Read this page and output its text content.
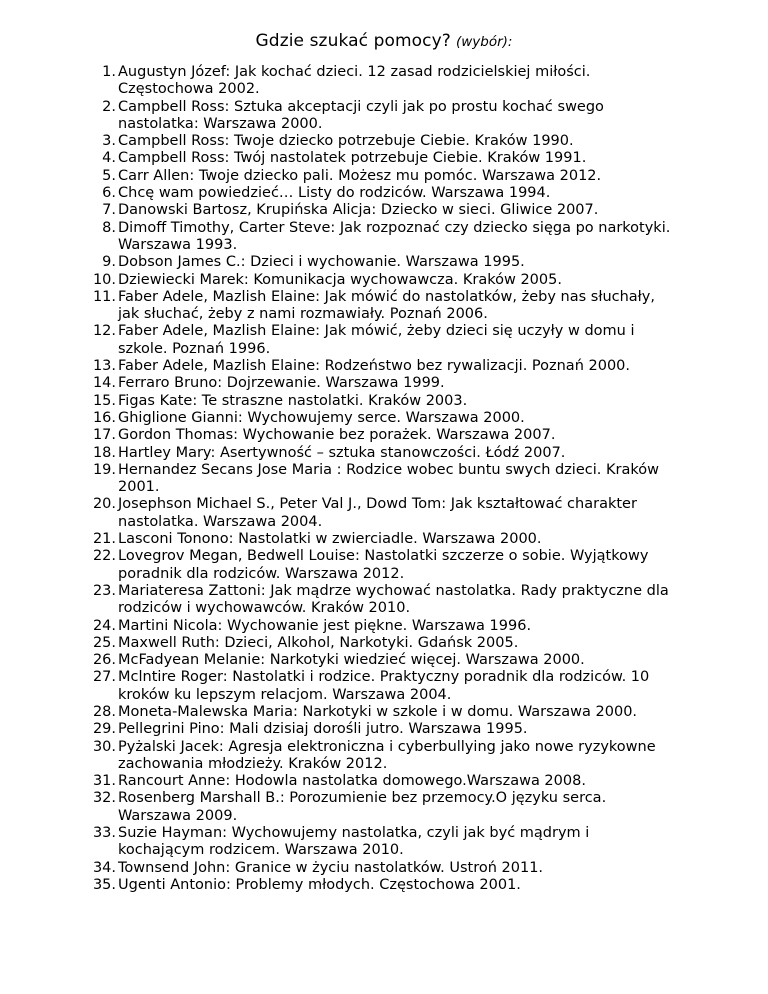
Gdzie szukać pomocy? (wybór):
1. Augustyn Józef: Jak kochać dzieci. 12 zasad rodzicielskiej miłości. Częstochowa 2002.
2. Campbell Ross: Sztuka akceptacji czyli jak po prostu kochać swego nastolatka: Warszawa 2000.
3. Campbell Ross: Twoje dziecko potrzebuje Ciebie. Kraków 1990.
4. Campbell Ross: Twój nastolatek potrzebuje Ciebie. Kraków 1991.
5. Carr Allen: Twoje dziecko pali. Możesz mu pomóc. Warszawa 2012.
6. Chcę wam powiedzieć… Listy do rodziców. Warszawa 1994.
7. Danowski Bartosz, Krupińska Alicja: Dziecko w sieci. Gliwice 2007.
8. Dimoff Timothy, Carter Steve: Jak rozpoznać czy dziecko sięga po narkotyki. Warszawa 1993.
9. Dobson James C.: Dzieci i wychowanie. Warszawa 1995.
10. Dziewiecki Marek: Komunikacja wychowawcza. Kraków 2005.
11. Faber Adele, Mazlish Elaine: Jak mówić do nastolatków, żeby nas słuchały, jak słuchać, żeby z nami rozmawiały. Poznań 2006.
12. Faber Adele, Mazlish Elaine: Jak mówić, żeby dzieci się uczyły w domu i szkole. Poznań 1996.
13. Faber Adele, Mazlish Elaine: Rodzeństwo bez rywalizacji. Poznań 2000.
14. Ferraro Bruno: Dojrzewanie. Warszawa 1999.
15. Figas Kate: Te straszne nastolatki. Kraków 2003.
16. Ghiglione Gianni: Wychowujemy serce. Warszawa 2000.
17. Gordon Thomas: Wychowanie bez porażek. Warszawa 2007.
18. Hartley Mary: Asertywność – sztuka stanowczości. Łódź 2007.
19. Hernandez Secans Jose Maria : Rodzice wobec buntu swych dzieci. Kraków 2001.
20. Josephson Michael S., Peter Val J., Dowd Tom: Jak kształtować charakter nastolatka. Warszawa 2004.
21. Lasconi Tonono: Nastolatki w zwierciadle. Warszawa 2000.
22. Lovegrov Megan, Bedwell Louise: Nastolatki szczerze o sobie. Wyjątkowy poradnik dla rodziców. Warszawa 2012.
23. Mariateresa Zattoni: Jak mądrze wychować nastolatka. Rady praktyczne dla rodziców i wychowawców. Kraków 2010.
24. Martini Nicola: Wychowanie jest piękne. Warszawa 1996.
25. Maxwell Ruth: Dzieci, Alkohol, Narkotyki. Gdańsk 2005.
26. McFadyean Melanie: Narkotyki wiedzieć więcej. Warszawa 2000.
27. Mclntire Roger: Nastolatki i rodzice. Praktyczny poradnik dla rodziców. 10 kroków ku lepszym relacjom. Warszawa 2004.
28. Moneta-Malewska Maria: Narkotyki w szkole i w domu. Warszawa 2000.
29. Pellegrini Pino: Mali dzisiaj dorośli jutro. Warszawa 1995.
30. Pyżalski Jacek: Agresja elektroniczna i cyberbullying jako nowe ryzykowne zachowania młodzieży. Kraków 2012.
31. Rancourt Anne: Hodowla nastolatka domowego.Warszawa 2008.
32. Rosenberg Marshall B.: Porozumienie bez przemocy.O języku serca. Warszawa 2009.
33. Suzie Hayman: Wychowujemy nastolatka, czyli jak być mądrym i kochającym rodzicem. Warszawa 2010.
34. Townsend John: Granice w życiu nastolatków. Ustroń 2011.
35. Ugenti Antonio: Problemy młodych. Częstochowa 2001.
